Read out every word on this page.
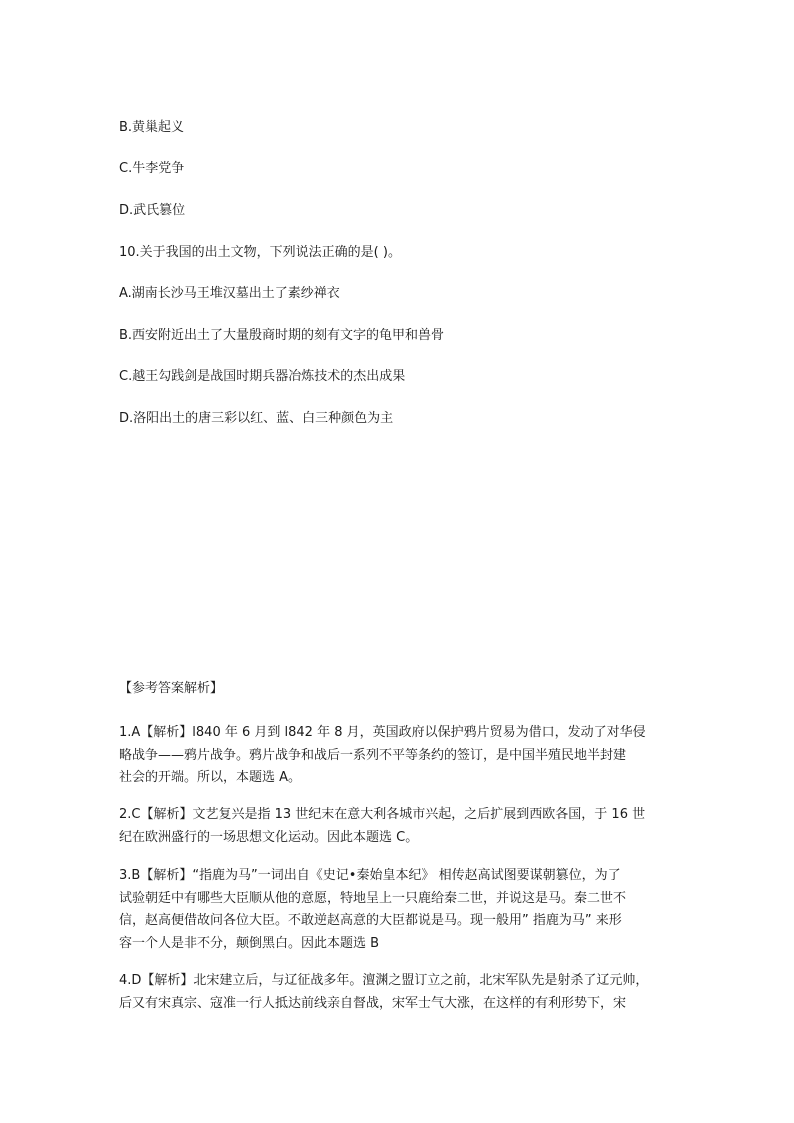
B.黄巢起义
C.牛李党争
D.武氏篡位
10.关于我国的出土文物，下列说法正确的是( )。
A.湖南长沙马王堆汉墓出土了素纱禅衣
B.西安附近出土了大量殷商时期的刻有文字的龟甲和兽骨
C.越王勾践剑是战国时期兵器冶炼技术的杰出成果
D.洛阳出土的唐三彩以红、蓝、白三种颜色为主
【参考答案解析】

1.A【解析】l840 年 6 月到 l842 年 8 月，英国政府以保护鸦片贸易为借口，发动了对华侵

略战争——鸦片战争。鸦片战争和战后一系列不平等条约的签订，是中国半殖民地半封建

社会的开端。所以，本题选 A。

2.C【解析】文艺复兴是指 13 世纪末在意大利各城市兴起，之后扩展到西欧各国，于 16 世

纪在欧洲盛行的一场思想文化运动。因此本题选 C。

3.B【解析】“指鹿为马”一词出自《史记•秦始皇本纪》 相传赵高试图要谋朝篡位，为了

试验朝廷中有哪些大臣顺从他的意愿，特地呈上一只鹿给秦二世，并说这是马。秦二世不

信，赵高便借故问各位大臣。不敢逆赵高意的大臣都说是马。现一般用” 指鹿为马” 来形

容一个人是非不分，颠倒黑白。因此本题选 B

4.D【解析】北宋建立后，与辽征战多年。澶渊之盟订立之前，北宋军队先是射杀了辽元帅，

后又有宋真宗、寇准一行人抵达前线亲自督战，宋军士气大涨，在这样的有利形势下，宋
